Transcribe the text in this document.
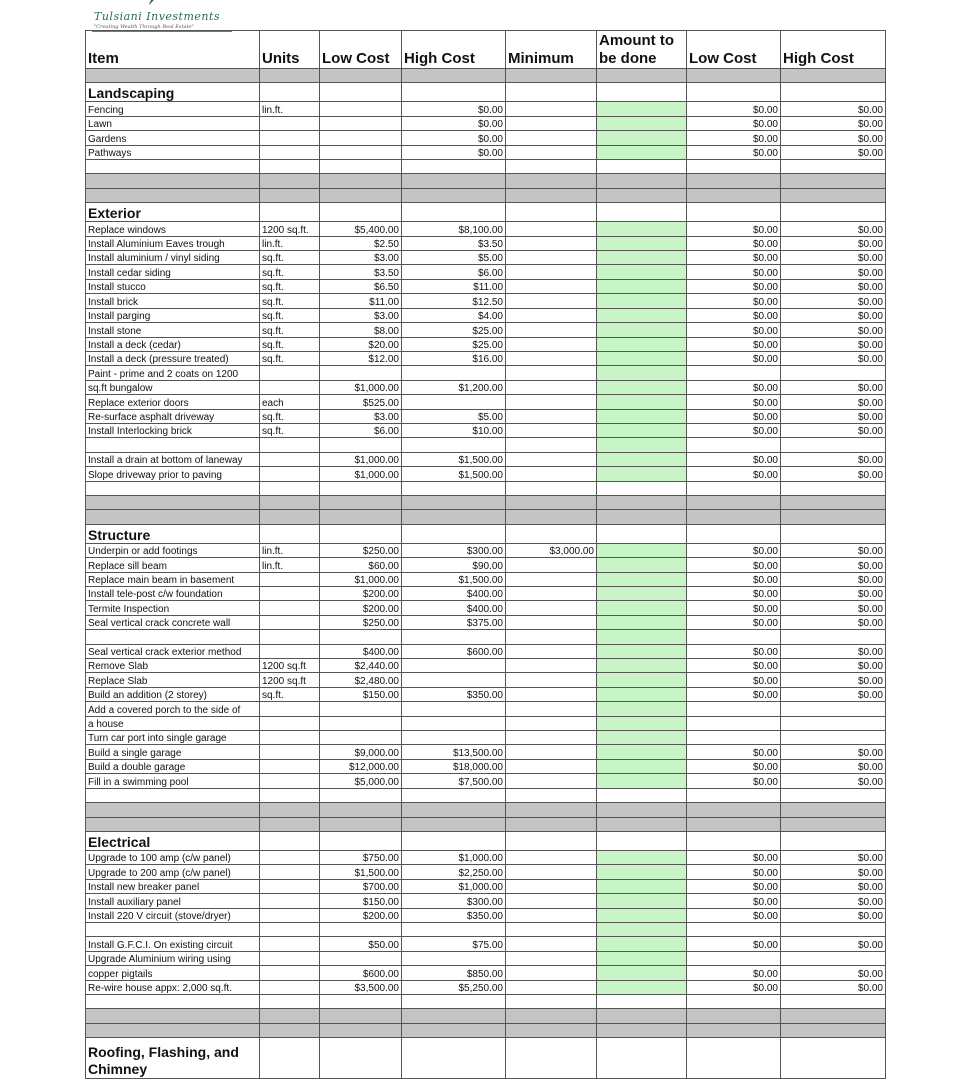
Tulsiani Investments
"Creating Wealth Through Real Estate"
Item	Units	Low Cost	High Cost	Minimum	Amount to be done	Low Cost	High Cost

Landscaping							
Fencing	lin.ft.		$0.00			$0.00	$0.00
Lawn			$0.00			$0.00	$0.00
Gardens			$0.00			$0.00	$0.00
Pathways			$0.00			$0.00	$0.00

Exterior							
Replace windows	1200 sq.ft.	$5,400.00	$8,100.00			$0.00	$0.00
Install Aluminium Eaves trough	lin.ft.	$2.50	$3.50			$0.00	$0.00
Install aluminium / vinyl siding	sq.ft.	$3.00	$5.00			$0.00	$0.00
Install cedar siding	sq.ft.	$3.50	$6.00			$0.00	$0.00
Install stucco	sq.ft.	$6.50	$11.00			$0.00	$0.00
Install brick	sq.ft.	$11.00	$12.50			$0.00	$0.00
Install parging	sq.ft.	$3.00	$4.00			$0.00	$0.00
Install stone	sq.ft.	$8.00	$25.00			$0.00	$0.00
Install a deck (cedar)	sq.ft.	$20.00	$25.00			$0.00	$0.00
Install a deck (pressure treated)	sq.ft.	$12.00	$16.00			$0.00	$0.00
Paint - prime and 2 coats on 1200							
sq.ft bungalow		$1,000.00	$1,200.00			$0.00	$0.00
Replace exterior doors	each	$525.00				$0.00	$0.00
Re-surface asphalt driveway	sq.ft.	$3.00	$5.00			$0.00	$0.00
Install Interlocking brick	sq.ft.	$6.00	$10.00			$0.00	$0.00

Install a drain at bottom of laneway		$1,000.00	$1,500.00			$0.00	$0.00
Slope driveway prior to paving		$1,000.00	$1,500.00			$0.00	$0.00

Structure							
Underpin or add footings	lin.ft.	$250.00	$300.00	$3,000.00		$0.00	$0.00
Replace sill beam	lin.ft.	$60.00	$90.00			$0.00	$0.00
Replace main beam in basement		$1,000.00	$1,500.00			$0.00	$0.00
Install tele-post c/w foundation		$200.00	$400.00			$0.00	$0.00
Termite Inspection		$200.00	$400.00			$0.00	$0.00
Seal vertical crack concrete wall		$250.00	$375.00			$0.00	$0.00

Seal vertical crack exterior method		$400.00	$600.00			$0.00	$0.00
Remove Slab	1200 sq.ft	$2,440.00				$0.00	$0.00
Replace Slab	1200 sq.ft	$2,480.00				$0.00	$0.00
Build an addition (2 storey)	sq.ft.	$150.00	$350.00			$0.00	$0.00
Add a covered porch to the side of							
a house							
Turn car port into single garage							
Build a single garage		$9,000.00	$13,500.00			$0.00	$0.00
Build a double garage		$12,000.00	$18,000.00			$0.00	$0.00
Fill in a swimming pool		$5,000.00	$7,500.00			$0.00	$0.00

Electrical							
Upgrade to 100 amp (c/w panel)		$750.00	$1,000.00			$0.00	$0.00
Upgrade to 200 amp (c/w panel)		$1,500.00	$2,250.00			$0.00	$0.00
Install new breaker panel		$700.00	$1,000.00			$0.00	$0.00
Install auxiliary panel		$150.00	$300.00			$0.00	$0.00
Install 220 V circuit (stove/dryer)		$200.00	$350.00			$0.00	$0.00

Install G.F.C.I. On existing circuit		$50.00	$75.00			$0.00	$0.00
Upgrade Aluminium wiring using							
copper pigtails		$600.00	$850.00			$0.00	$0.00
Re-wire house appx: 2,000 sq.ft.		$3,500.00	$5,250.00			$0.00	$0.00

Roofing, Flashing, and Chimney							
